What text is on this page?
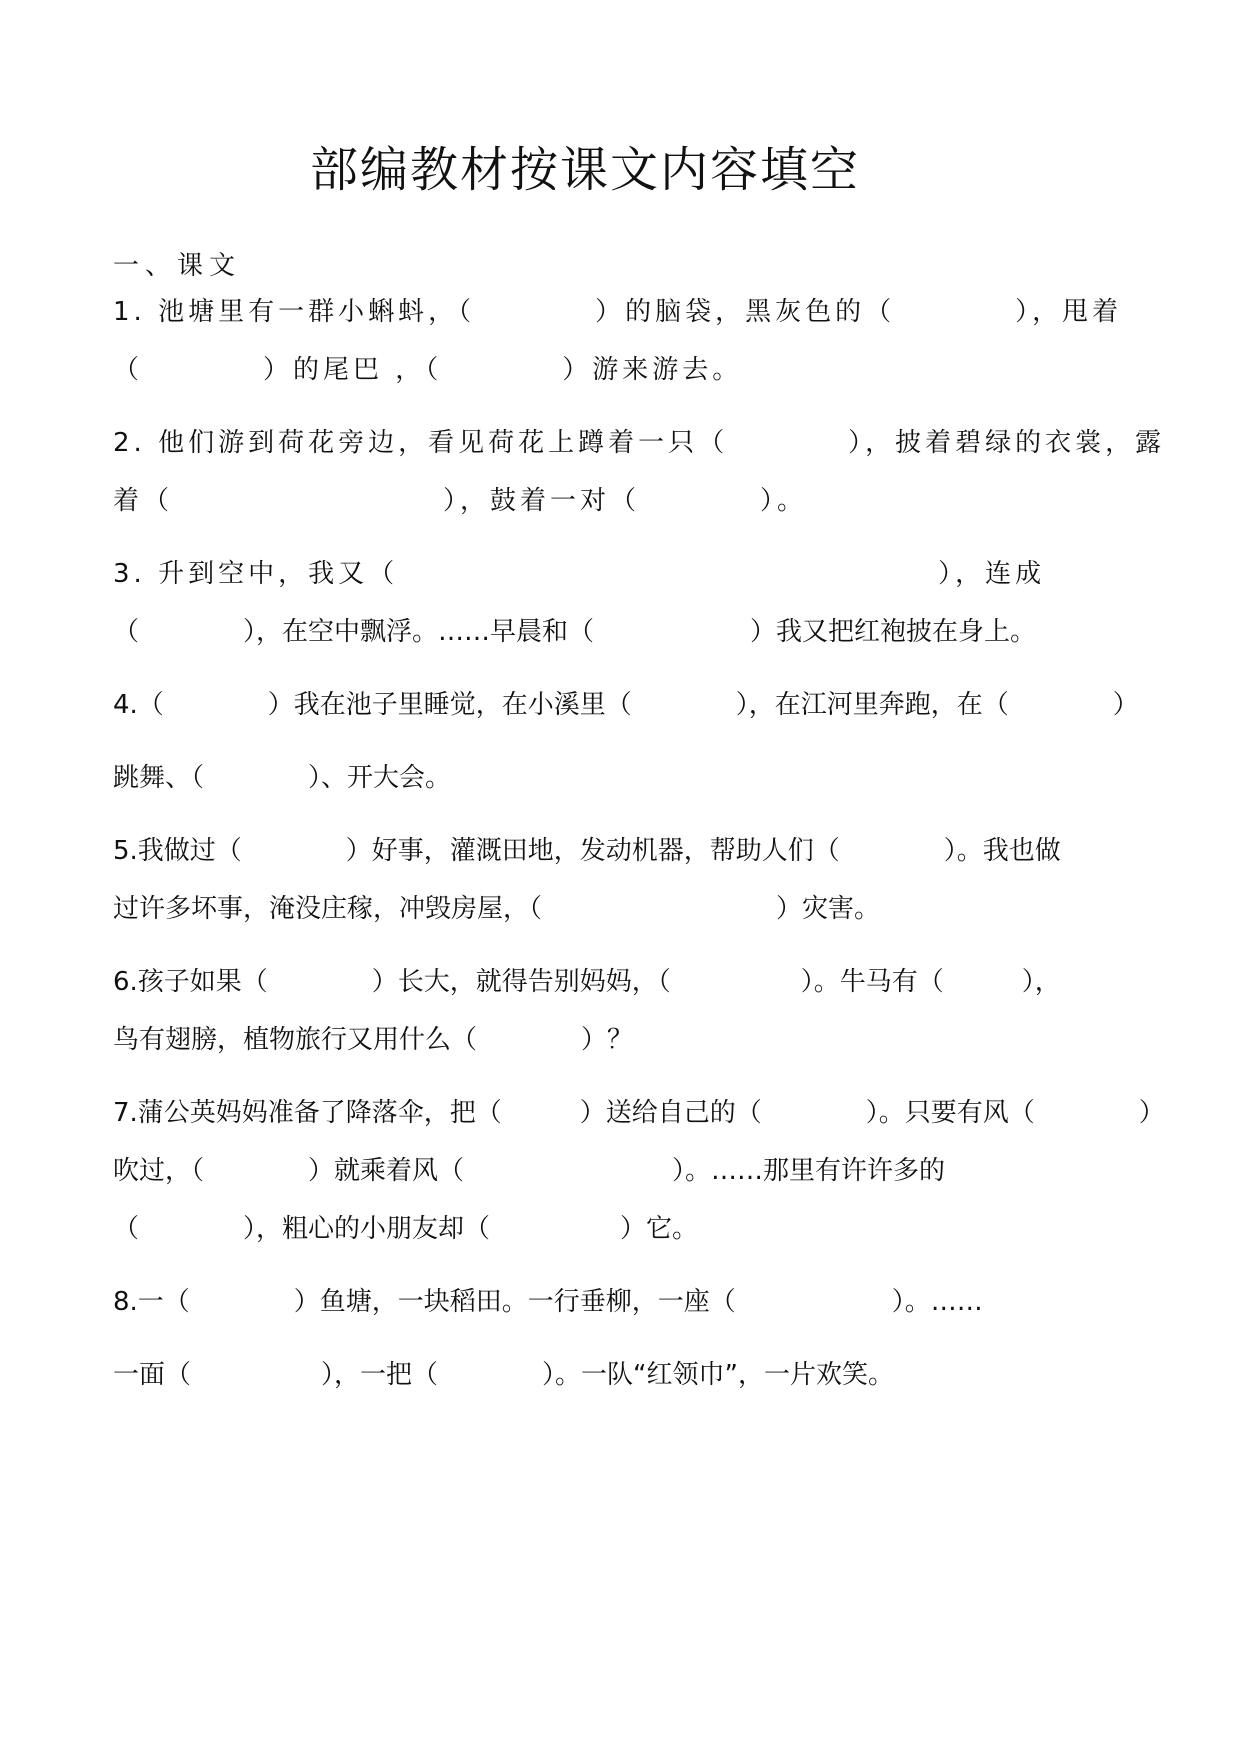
部编教材按课文内容填空
一、课文
1. 池塘里有一群小蝌蚪，（　　　　）的脑袋，黑灰色的（　　　　），甩着
（　　　　）的尾巴 ，（　　　　）游来游去。
2. 他们游到荷花旁边，看见荷花上蹲着一只（　　　　），披着碧绿的衣裳，露
着（　　　　　　　　　），鼓着一对（　　　　）。
3. 升到空中，我又（　　　　　　　　　　　　　　　　　　），连成
（　　　　），在空中飘浮。……早晨和（　　　　　　）我又把红袍披在身上。
4.（　　　　）我在池子里睡觉，在小溪里（　　　　），在江河里奔跑，在（　　　　）
跳舞、（　　　　）、开大会。
5.我做过（　　　　）好事，灌溉田地，发动机器，帮助人们（　　　　）。我也做
过许多坏事，淹没庄稼，冲毁房屋，（　　　　　　　　　）灾害。
6.孩子如果（　　　　）长大，就得告别妈妈，（　　　　　）。牛马有（　　　），
鸟有翅膀，植物旅行又用什么（　　　　）？
7.蒲公英妈妈准备了降落伞，把（　　　）送给自己的（　　　　）。只要有风（　　　　）
吹过，（　　　　）就乘着风（　　　　　　　　）。……那里有许许多的
（　　　　），粗心的小朋友却（　　　　　）它。
8.一（　　　　）鱼塘，一块稻田。一行垂柳，一座（　　　　　　）。……
一面（　　　　　），一把（　　　　）。一队“红领巾”，一片欢笑。
